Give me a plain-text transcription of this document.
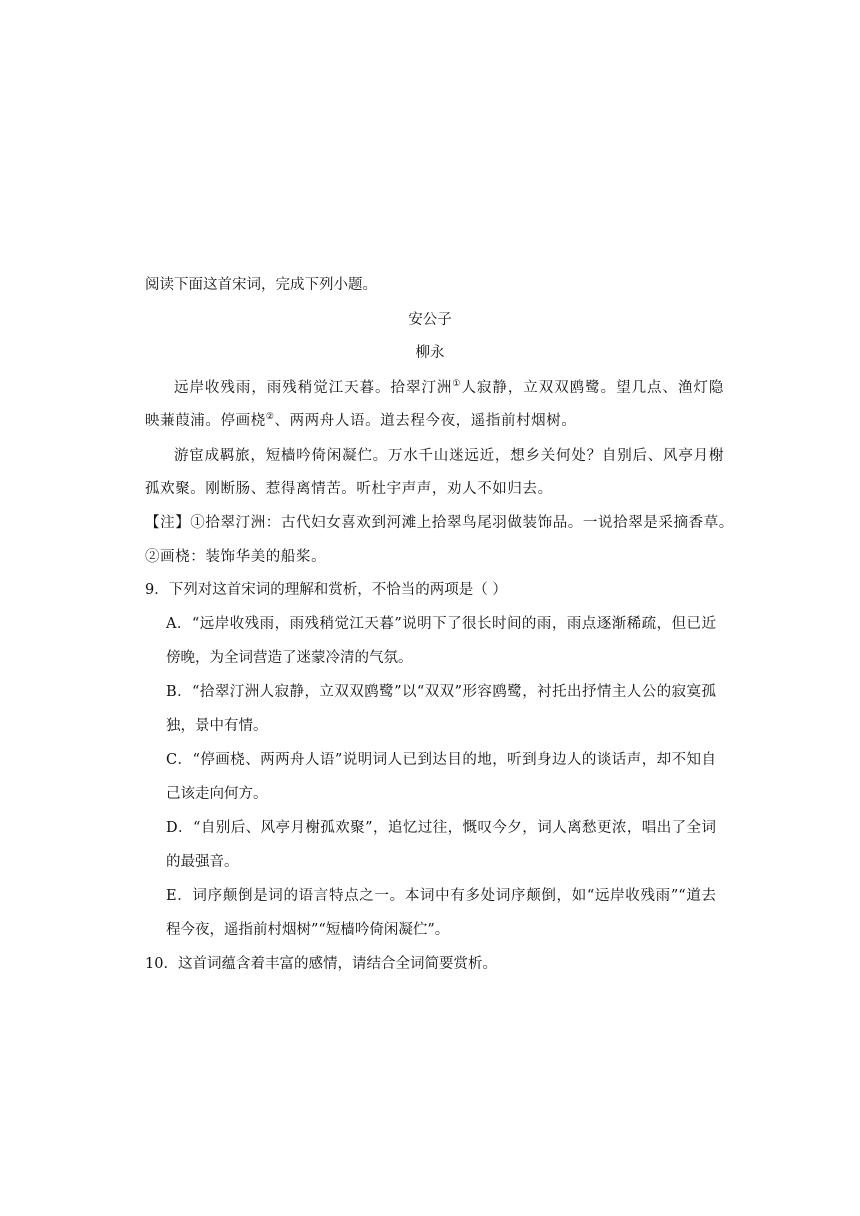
阅读下面这首宋词，完成下列小题。
安公子
柳永
远岸收残雨，雨残稍觉江天暮。拾翠汀洲①人寂静，立双双鸥鹭。望几点、渔灯隐
映蒹葭浦。停画桡②、两两舟人语。道去程今夜，遥指前村烟树。
游宦成羁旅，短樯吟倚闲凝伫。万水千山迷远近，想乡关何处？自别后、风亭月榭
孤欢聚。刚断肠、惹得离情苦。听杜宇声声，劝人不如归去。
【注】①拾翠汀洲：古代妇女喜欢到河滩上拾翠鸟尾羽做装饰品。一说拾翠是采摘香草。
②画桡：装饰华美的船桨。
9．下列对这首宋词的理解和赏析，不恰当的两项是（ ）
A．“远岸收残雨，雨残稍觉江天暮”说明下了很长时间的雨，雨点逐渐稀疏，但已近
傍晚，为全词营造了迷蒙冷清的气氛。
B．“拾翠汀洲人寂静，立双双鸥鹭”以“双双”形容鸥鹭，衬托出抒情主人公的寂寞孤
独，景中有情。
C．“停画桡、两两舟人语”说明词人已到达目的地，听到身边人的谈话声，却不知自
己该走向何方。
D．“自别后、风亭月榭孤欢聚”，追忆过往，慨叹今夕，词人离愁更浓，唱出了全词
的最强音。
E．词序颠倒是词的语言特点之一。本词中有多处词序颠倒，如“远岸收残雨”“道去
程今夜，遥指前村烟树”“短樯吟倚闲凝伫”。
10．这首词蕴含着丰富的感情，请结合全词简要赏析。
